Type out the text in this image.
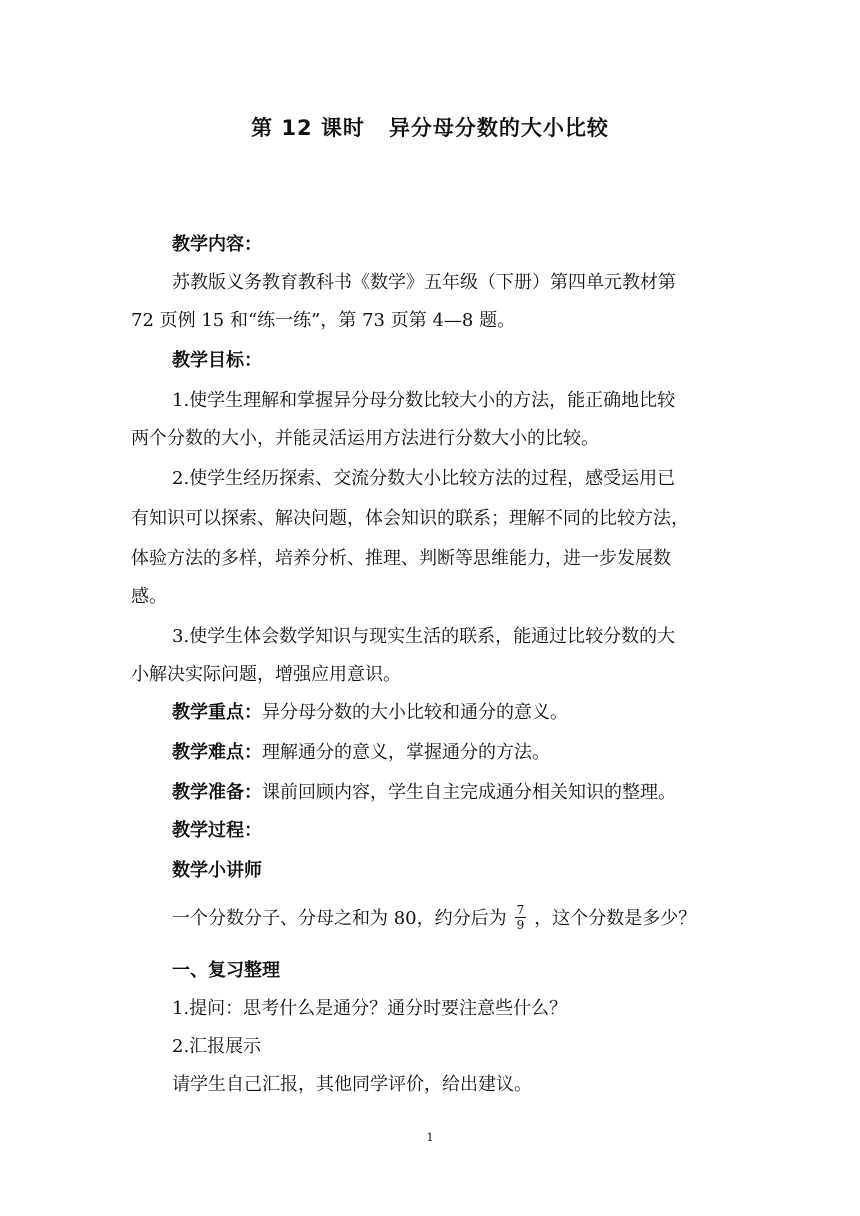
第 12 课时 异分母分数的大小比较
教学内容：
苏教版义务教育教科书《数学》五年级（下册）第四单元教材第
72 页例 15 和“练一练”，第 73 页第 4—8 题。
教学目标：
1.使学生理解和掌握异分母分数比较大小的方法，能正确地比较
两个分数的大小，并能灵活运用方法进行分数大小的比较。
2.使学生经历探索、交流分数大小比较方法的过程，感受运用已
有知识可以探索、解决问题，体会知识的联系；理解不同的比较方法，
体验方法的多样，培养分析、推理、判断等思维能力，进一步发展数
感。
3.使学生体会数学知识与现实生活的联系，能通过比较分数的大
小解决实际问题，增强应用意识。
教学重点：异分母分数的大小比较和通分的意义。
教学难点：理解通分的意义，掌握通分的方法。
教学准备：课前回顾内容，学生自主完成通分相关知识的整理。
教学过程：
数学小讲师
一个分数分子、分母之和为 80，约分后为 $\frac{7}{9}$ ，这个分数是多少？
一、复习整理
1.提问：思考什么是通分？通分时要注意些什么？
2.汇报展示
请学生自己汇报，其他同学评价，给出建议。
1
